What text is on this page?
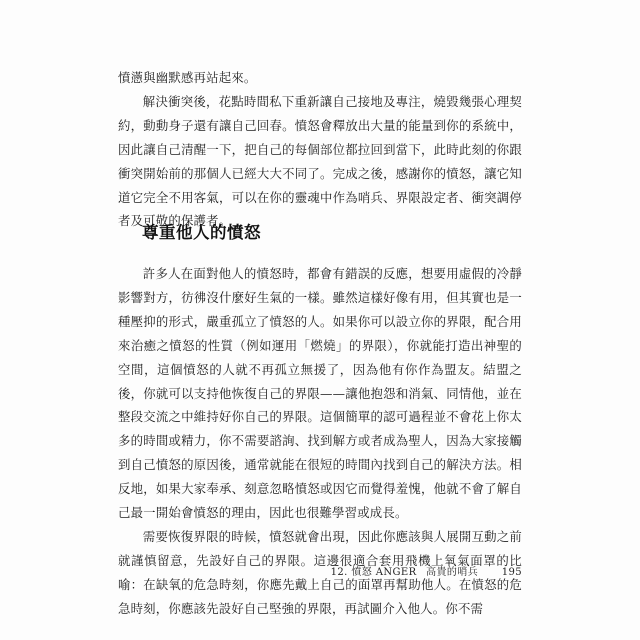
憤懣與幽默感再站起來。

解決衝突後，花點時間私下重新讓自己接地及專注，燒毀幾張心理契約，動動身子還有讓自己回春。憤怒會釋放出大量的能量到你的系統中，因此讓自己清醒一下，把自己的每個部位都拉回到當下，此時此刻的你跟衝突開始前的那個人已經大大不同了。完成之後，感謝你的憤怒，讓它知道它完全不用客氣，可以在你的靈魂中作為哨兵、界限設定者、衝突調停者及可敬的保護者。

尊重他人的憤怒

許多人在面對他人的憤怒時，都會有錯誤的反應，想要用虛假的冷靜影響對方，彷彿沒什麼好生氣的一樣。雖然這樣好像有用，但其實也是一種壓抑的形式，嚴重孤立了憤怒的人。如果你可以設立你的界限，配合用來治癒之憤怒的性質（例如運用「燃燒」的界限），你就能打造出神聖的空間，這個憤怒的人就不再孤立無援了，因為他有你作為盟友。結盟之後，你就可以支持他恢復自己的界限——讓他抱怨和消氣、同情他，並在整段交流之中維持好你自己的界限。這個簡單的認可過程並不會花上你太多的時間或精力，你不需要諮詢、找到解方或者成為聖人，因為大家接觸到自己憤怒的原因後，通常就能在很短的時間內找到自己的解決方法。相反地，如果大家奉承、刻意忽略憤怒或因它而覺得羞愧，他就不會了解自己最一開始會憤怒的理由，因此也很難學習或成長。

需要恢復界限的時候，憤怒就會出現，因此你應該與人展開互動之前就謹慎留意，先設好自己的界限。這邊很適合套用飛機上氧氣面罩的比喻：在缺氧的危急時刻，你應先戴上自己的面罩再幫助他人。在憤怒的危急時刻，你應該先設好自己堅強的界限，再試圖介入他人。你不需

12. 憤怒 ANGER 高貴的哨兵 195
